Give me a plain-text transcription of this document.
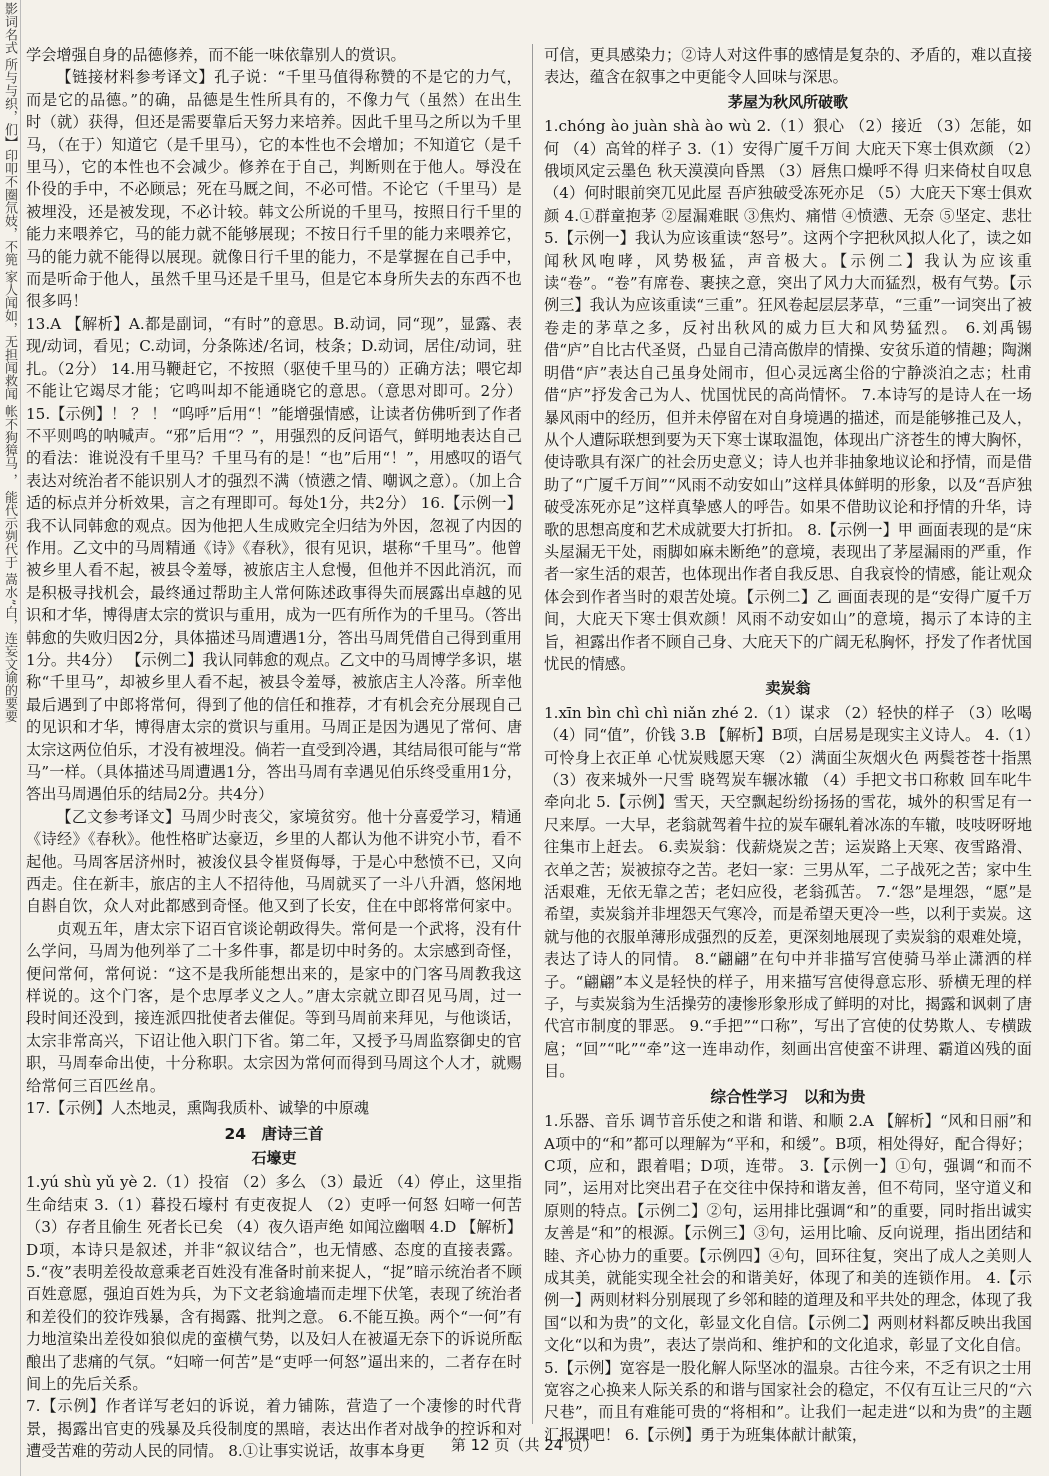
影词名式 所与与织，们】印叩不圈氘妓，不篼 家人闻如，无担闻救闻 帐不狗獐马 ， 能代示刿代于 嵩水”白，连妄文谕的要要 学会增强自身的品德修养，而不能一味依靠别人的赏识。

【链接材料参考译文】孔子说：“千里马值得称赞的不是它的力气，而是它的品德。”的确，品德是生性所具有的，不像力气（虽然）在出生时（就）获得，但还是需要靠后天努力来培养。因此千里马之所以为千里马，（在于）知道它（是千里马），它的本性也不会增加；不知道它（是千里马），它的本性也不会减少。修养在于自己，判断则在于他人。辱没在仆役的手中，不必顾忌；死在马厩之间，不必可惜。不论它（千里马）是被埋没，还是被发现，不必计较。韩文公所说的千里马，按照日行千里的能力来喂养它，马的能力就不能够展现；不按日行千里的能力来喂养它，马的能力就不能得以展现。就像日行千里的能力，不是掌握在自己手中，而是听命于他人，虽然千里马还是千里马，但是它本身所失去的东西不也很多吗！

13.A 【解析】A.都是副词，“有时”的意思。B.动词，同“现”，显露、表现/动词，看见；C.动词，分条陈述/名词，枝条；D.动词，居住/动词，驻扎。（2分） 14.用马鞭赶它，不按照（驱使千里马的）正确方法；喂它却不能让它竭尽才能；它鸣叫却不能通晓它的意思。（意思对即可。2分） 15.【示例】！ ？ ！ “呜呼”后用“！”能增强情感，让读者仿佛听到了作者不平则鸣的呐喊声。“邪”后用“？”，用强烈的反问语气，鲜明地表达自己的看法：谁说没有千里马？千里马有的是！“也”后用“！”，用感叹的语气表达对统治者不能识别人才的强烈不满（愤懑之情、嘲讽之意）。（加上合适的标点并分析效果，言之有理即可。每处1分，共2分） 16.【示例一】我不认同韩愈的观点。因为他把人生成败完全归结为外因，忽视了内因的作用。乙文中的马周精通《诗》《春秋》，很有见识，堪称“千里马”。他曾被乡里人看不起，被县令羞辱，被旅店主人怠慢，但他并不因此消沉，而是积极寻找机会，最终通过帮助主人常何陈述政事得失而展露出卓越的见识和才华，博得唐太宗的赏识与重用，成为一匹有所作为的千里马。（答出韩愈的失败归因2分，具体描述马周遭遇1分，答出马周凭借自己得到重用1分。共4分） 【示例二】我认同韩愈的观点。乙文中的马周博学多识，堪称“千里马”，却被乡里人看不起，被县令羞辱，被旅店主人冷落。所幸他最后遇到了中郎将常何，得到了他的信任和推荐，才有机会充分展现自己的见识和才华，博得唐太宗的赏识与重用。马周正是因为遇见了常何、唐太宗这两位伯乐，才没有被埋没。倘若一直受到冷遇，其结局很可能与“常马”一样。（具体描述马周遭遇1分，答出马周有幸遇见伯乐终受重用1分，答出马周遇伯乐的结局2分。共4分）

【乙文参考译文】马周少时丧父，家境贫穷。他十分喜爱学习，精通《诗经》《春秋》。他性格旷达豪迈，乡里的人都认为他不讲究小节，看不起他。马周客居济州时，被浚仪县令崔贤侮辱，于是心中愁愤不已，又向西走。住在新丰，旅店的主人不招待他，马周就买了一斗八升酒，悠闲地自斟自饮，众人对此都感到奇怪。他又到了长安，住在中郎将常何家中。

贞观五年，唐太宗下诏百官谈论朝政得失。常何是一个武将，没有什么学问，马周为他列举了二十多件事，都是切中时务的。太宗感到奇怪，便问常何，常何说：“这不是我所能想出来的，是家中的门客马周教我这样说的。这个门客，是个忠厚孝义之人。”唐太宗就立即召见马周，过一段时间还没到，接连派四批使者去催促。等到马周前来拜见，与他谈话，太宗非常高兴，下诏让他入职门下省。第二年，又授予马周监察御史的官职，马周奉命出使，十分称职。太宗因为常何而得到马周这个人才，就赐给常何三百匹丝帛。

17.【示例】人杰地灵，熏陶我质朴、诚挚的中原魂

24　唐诗三首
石壕吏

1.yú shù yǔ yè 2.（1）投宿 （2）多么 （3）最近 （4）停止，这里指生命结束 3.（1）暮投石壕村 有吏夜捉人 （2）吏呼一何怒 妇啼一何苦 （3）存者且偷生 死者长已矣 （4）夜久语声绝 如闻泣幽咽 4.D 【解析】D项，本诗只是叙述，并非“叙议结合”，也无情感、态度的直接表露。 5.“夜”表明差役故意乘老百姓没有准备时前来捉人，“捉”暗示统治者不顾百姓意愿，强迫百姓为兵，为下文老翁逾墙而走埋下伏笔，表现了统治者和差役们的狡诈残暴，含有揭露、批判之意。 6.不能互换。两个“一何”有力地渲染出差役如狼似虎的蛮横气势，以及妇人在被逼无奈下的诉说所酝酿出了悲痛的气氛。“妇啼一何苦”是“吏呼一何怒”逼出来的，二者存在时间上的先后关系。

7.【示例】作者详写老妇的诉说，着力铺陈，营造了一个凄惨的时代背景，揭露出官吏的残暴及兵役制度的黑暗，表达出作者对战争的控诉和对遭受苦难的劳动人民的同情。 8.①让事实说话，故事本身更

可信，更具感染力；②诗人对这件事的感情是复杂的、矛盾的，难以直接表达，蕴含在叙事之中更能令人回味与深思。

茅屋为秋风所破歌

1.chóng ào juàn shà ào wù 2.（1）狠心 （2）接近 （3）怎能，如何 （4）高耸的样子 3.（1）安得广厦千万间 大庇天下寒士俱欢颜 （2）俄顷风定云墨色 秋天漠漠向昏黑 （3）唇焦口燥呼不得 归来倚杖自叹息 （4）何时眼前突兀见此屋 吾庐独破受冻死亦足 （5）大庇天下寒士俱欢颜 4.①群童抱茅 ②屋漏难眠 ③焦灼、痛惜 ④愤懑、无奈 ⑤坚定、悲壮 5.【示例一】我认为应该重读“怒号”。这两个字把秋风拟人化了，读之如闻秋风咆哮，风势极猛，声音极大。【示例二】我认为应该重读“卷”。“卷”有席卷、裹挟之意，突出了风力大而猛烈，极有气势。【示例三】我认为应该重读“三重”。狂风卷起层层茅草，“三重”一词突出了被卷走的茅草之多，反衬出秋风的威力巨大和风势猛烈。 6.刘禹锡借“庐”自比古代圣贤，凸显自己清高傲岸的情操、安贫乐道的情趣；陶渊明借“庐”表达自己虽身处闹市，但心灵远离尘俗的宁静淡泊之志；杜甫借“庐”抒发舍己为人、忧国忧民的高尚情怀。 7.本诗写的是诗人在一场暴风雨中的经历，但并未停留在对自身境遇的描述，而是能够推己及人，从个人遭际联想到要为天下寒士谋取温饱，体现出广济苍生的博大胸怀，使诗歌具有深广的社会历史意义；诗人也并非抽象地议论和抒情，而是借助了“广厦千万间”“风雨不动安如山”这样具体鲜明的形象，以及“吾庐独破受冻死亦足”这样真挚感人的呼告。如果不借助议论和抒情的升华，诗歌的思想高度和艺术成就要大打折扣。 8.【示例一】甲 画面表现的是“床头屋漏无干处，雨脚如麻未断绝”的意境，表现出了茅屋漏雨的严重，作者一家生活的艰苦，也体现出作者自我反思、自我哀怜的情感，能让观众体会到作者当时的艰苦处境。【示例二】乙 画面表现的是“安得广厦千万间，大庇天下寒士俱欢颜！风雨不动安如山”的意境，揭示了本诗的主旨，袒露出作者不顾自己身、大庇天下的广阔无私胸怀，抒发了作者忧国忧民的情感。

卖炭翁

1.xīn bìn chì chì niǎn zhé 2.（1）谋求 （2）轻快的样子 （3）吆喝 （4）同“值”，价钱 3.B 【解析】B项，白居易是现实主义诗人。 4.（1）可怜身上衣正单 心忧炭贱愿天寒 （2）满面尘灰烟火色 两鬓苍苍十指黑 （3）夜来城外一尺雪 晓驾炭车辗冰辙 （4）手把文书口称敕 回车叱牛牵向北 5.【示例】雪天，天空飘起纷纷扬扬的雪花，城外的积雪足有一尺来厚。一大早，老翁就驾着牛拉的炭车碾轧着冰冻的车辙，吱吱呀呀地往集市上赶去。 6.卖炭翁：伐薪烧炭之苦；运炭路上天寒、夜雪路滑、衣单之苦；炭被掠夺之苦。老妇一家：三男从军，二子战死之苦；家中生活艰难，无依无靠之苦；老妇应役，老翁孤苦。 7.“怨”是埋怨，“愿”是希望，卖炭翁并非埋怨天气寒冷，而是希望天更冷一些，以利于卖炭。这就与他的衣服单薄形成强烈的反差，更深刻地展现了卖炭翁的艰难处境，表达了诗人的同情。 8.“翩翩”在句中并非描写宫使骑马举止潇洒的样子。“翩翩”本义是轻快的样子，用来描写宫使得意忘形、骄横无理的样子，与卖炭翁为生活操劳的凄惨形象形成了鲜明的对比，揭露和讽刺了唐代宫市制度的罪恶。 9.“手把”“口称”，写出了宫使的仗势欺人、专横跋扈；“回”“叱”“牵”这一连串动作，刻画出宫使蛮不讲理、霸道凶残的面目。

综合性学习　以和为贵

1.乐器、音乐 调节音乐使之和谐 和谐、和顺 2.A 【解析】“风和日丽”和A项中的“和”都可以理解为“平和，和缓”。B项，相处得好，配合得好；C项，应和，跟着唱；D项，连带。 3.【示例一】①句，强调“和而不同”，运用对比突出君子在交往中保持和谐友善，但不苟同，坚守道义和原则的特点。【示例二】②句，运用排比强调“和”的重要，同时指出诚实友善是“和”的根源。【示例三】③句，运用比喻、反向说理，指出团结和睦、齐心协力的重要。【示例四】④句，回环往复，突出了成人之美则人成其美，就能实现全社会的和谐美好，体现了和美的连锁作用。 4.【示例一】两则材料分别展现了乡邻和睦的道理及和平共处的理念，体现了我国“以和为贵”的文化，彰显文化自信。【示例二】两则材料都反映出我国文化“以和为贵”，表达了崇尚和、维护和的文化追求，彰显了文化自信。

5.【示例】宽容是一股化解人际坚冰的温泉。古往今来，不乏有识之士用宽容之心换来人际关系的和谐与国家社会的稳定，不仅有互让三尺的“六尺巷”，而且有难能可贵的“将相和”。让我们一起走进“以和为贵”的主题汇报课吧！ 6.【示例】勇于为班集体献计献策，

第 12 页（共 24 页）
